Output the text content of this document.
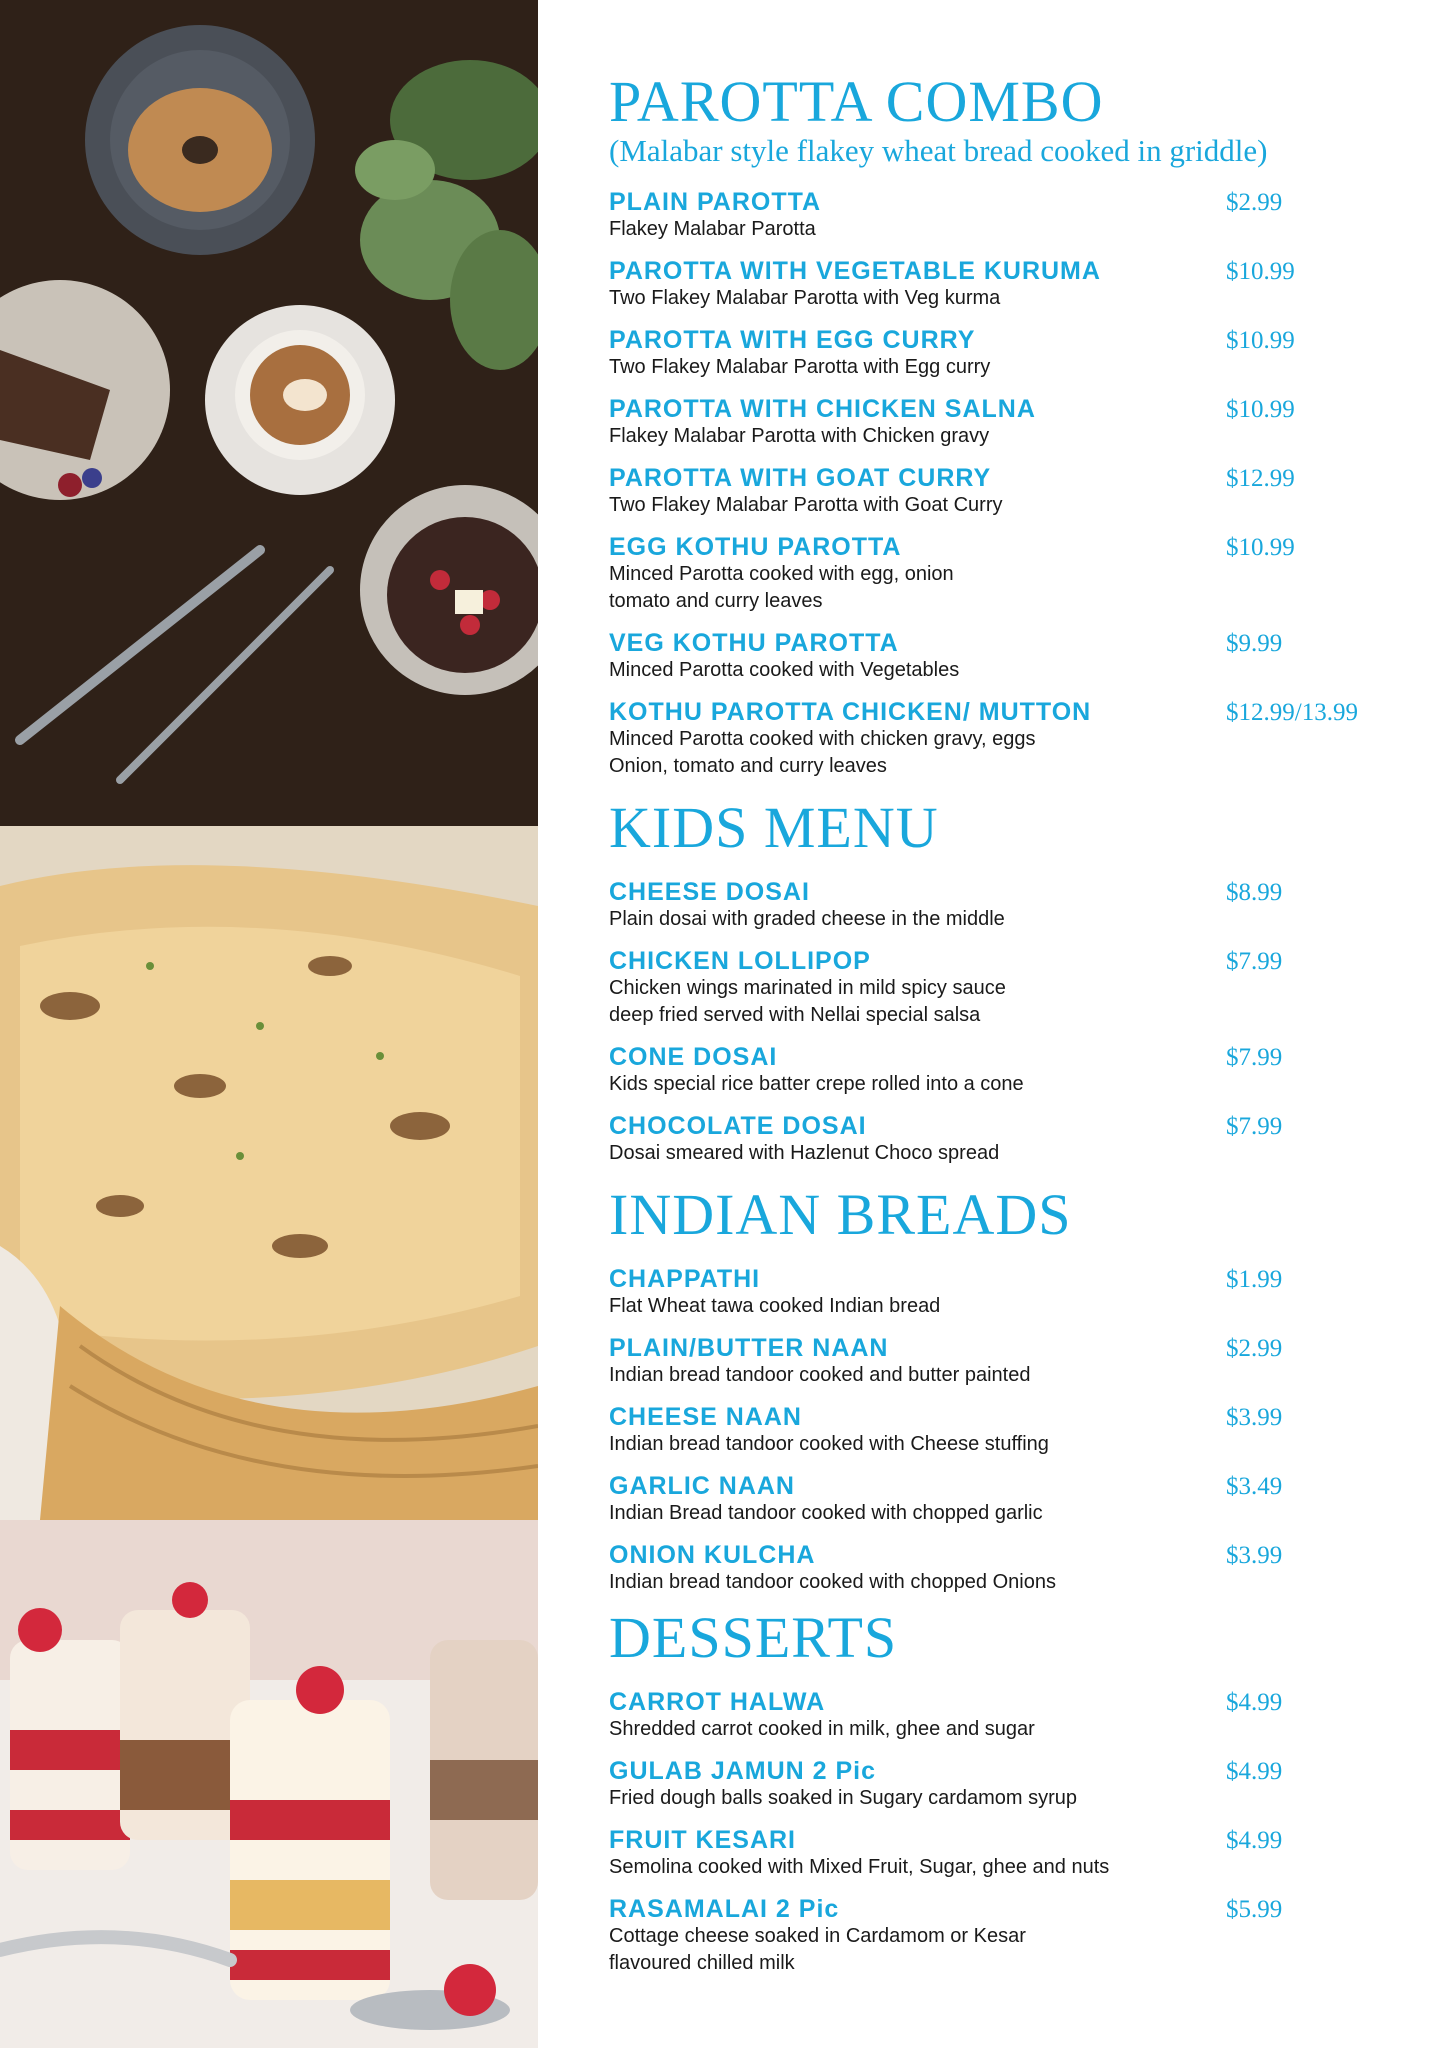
PAROTTA COMBO
(Malabar style flakey wheat bread cooked in griddle)
PLAIN PAROTTA
Flakey Malabar Parotta
$2.99
PAROTTA WITH VEGETABLE KURUMA
Two Flakey Malabar Parotta with Veg kurma
$10.99
PAROTTA WITH EGG CURRY
Two Flakey Malabar Parotta with Egg curry
$10.99
PAROTTA WITH CHICKEN SALNA
Flakey Malabar Parotta with Chicken gravy
$10.99
PAROTTA WITH GOAT CURRY
Two Flakey Malabar Parotta with Goat Curry
$12.99
EGG KOTHU PAROTTA
Minced Parotta cooked with egg, onion
tomato and curry leaves
$10.99
VEG KOTHU PAROTTA
Minced Parotta cooked with Vegetables
$9.99
KOTHU PAROTTA CHICKEN/ MUTTON
Minced Parotta cooked with chicken gravy, eggs
Onion, tomato and curry leaves
$12.99/13.99
KIDS MENU
CHEESE DOSAI
Plain dosai with graded cheese in the middle
$8.99
CHICKEN LOLLIPOP
Chicken wings marinated in mild spicy sauce
deep fried served with Nellai special salsa
$7.99
CONE DOSAI
Kids special rice batter crepe rolled into a cone
$7.99
CHOCOLATE DOSAI
Dosai smeared with Hazlenut Choco spread
$7.99
INDIAN BREADS
CHAPPATHI
Flat Wheat tawa cooked Indian bread
$1.99
PLAIN/BUTTER NAAN
Indian bread tandoor cooked and butter painted
$2.99
CHEESE NAAN
Indian bread tandoor cooked with Cheese stuffing
$3.99
GARLIC NAAN
Indian Bread tandoor cooked with chopped garlic
$3.49
ONION KULCHA
Indian bread tandoor cooked with chopped Onions
$3.99
DESSERTS
CARROT HALWA
Shredded carrot cooked in milk, ghee and sugar
$4.99
GULAB JAMUN 2 Pic
Fried dough balls soaked in Sugary cardamom syrup
$4.99
FRUIT KESARI
Semolina cooked with Mixed Fruit, Sugar, ghee and nuts
$4.99
RASAMALAI 2 Pic
Cottage cheese soaked in Cardamom or Kesar
flavoured chilled milk
$5.99
